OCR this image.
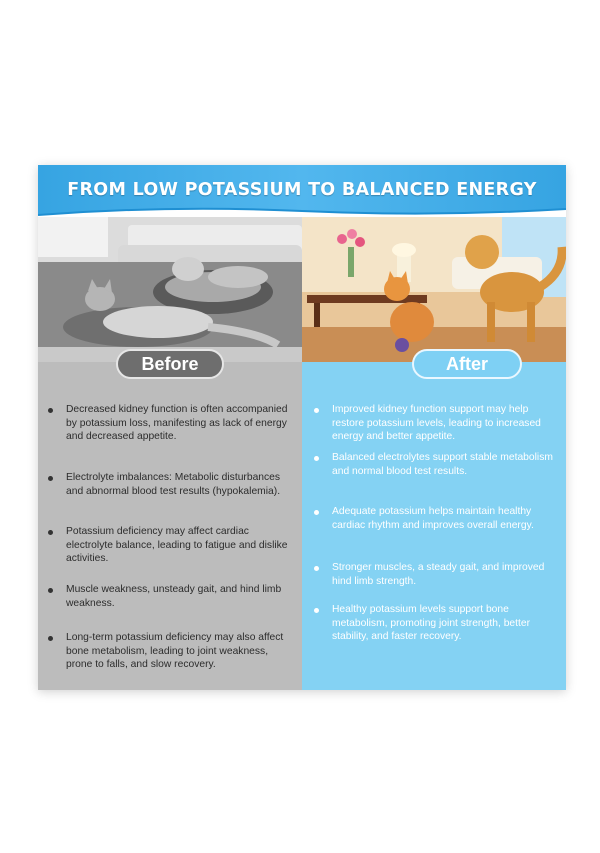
FROM LOW POTASSIUM TO BALANCED ENERGY
Before
Decreased kidney function is often accompanied by potassium loss, manifesting as lack of energy and decreased appetite.
Electrolyte imbalances: Metabolic disturbances and abnormal blood test results (hypokalemia).
Potassium deficiency may affect cardiac electrolyte balance, leading to fatigue and dislike activities.
Muscle weakness, unsteady gait, and hind limb weakness.
Long-term potassium deficiency may also affect bone metabolism, leading to joint weakness, prone to falls, and slow recovery.
After
Improved kidney function support may help restore potassium levels, leading to increased energy and better appetite.
Balanced electrolytes support stable metabolism and normal blood test results.
Adequate potassium helps maintain healthy cardiac rhythm and improves overall energy.
Stronger muscles, a steady gait, and improved hind limb strength.
Healthy potassium levels support bone metabolism, promoting joint strength, better stability, and faster recovery.
